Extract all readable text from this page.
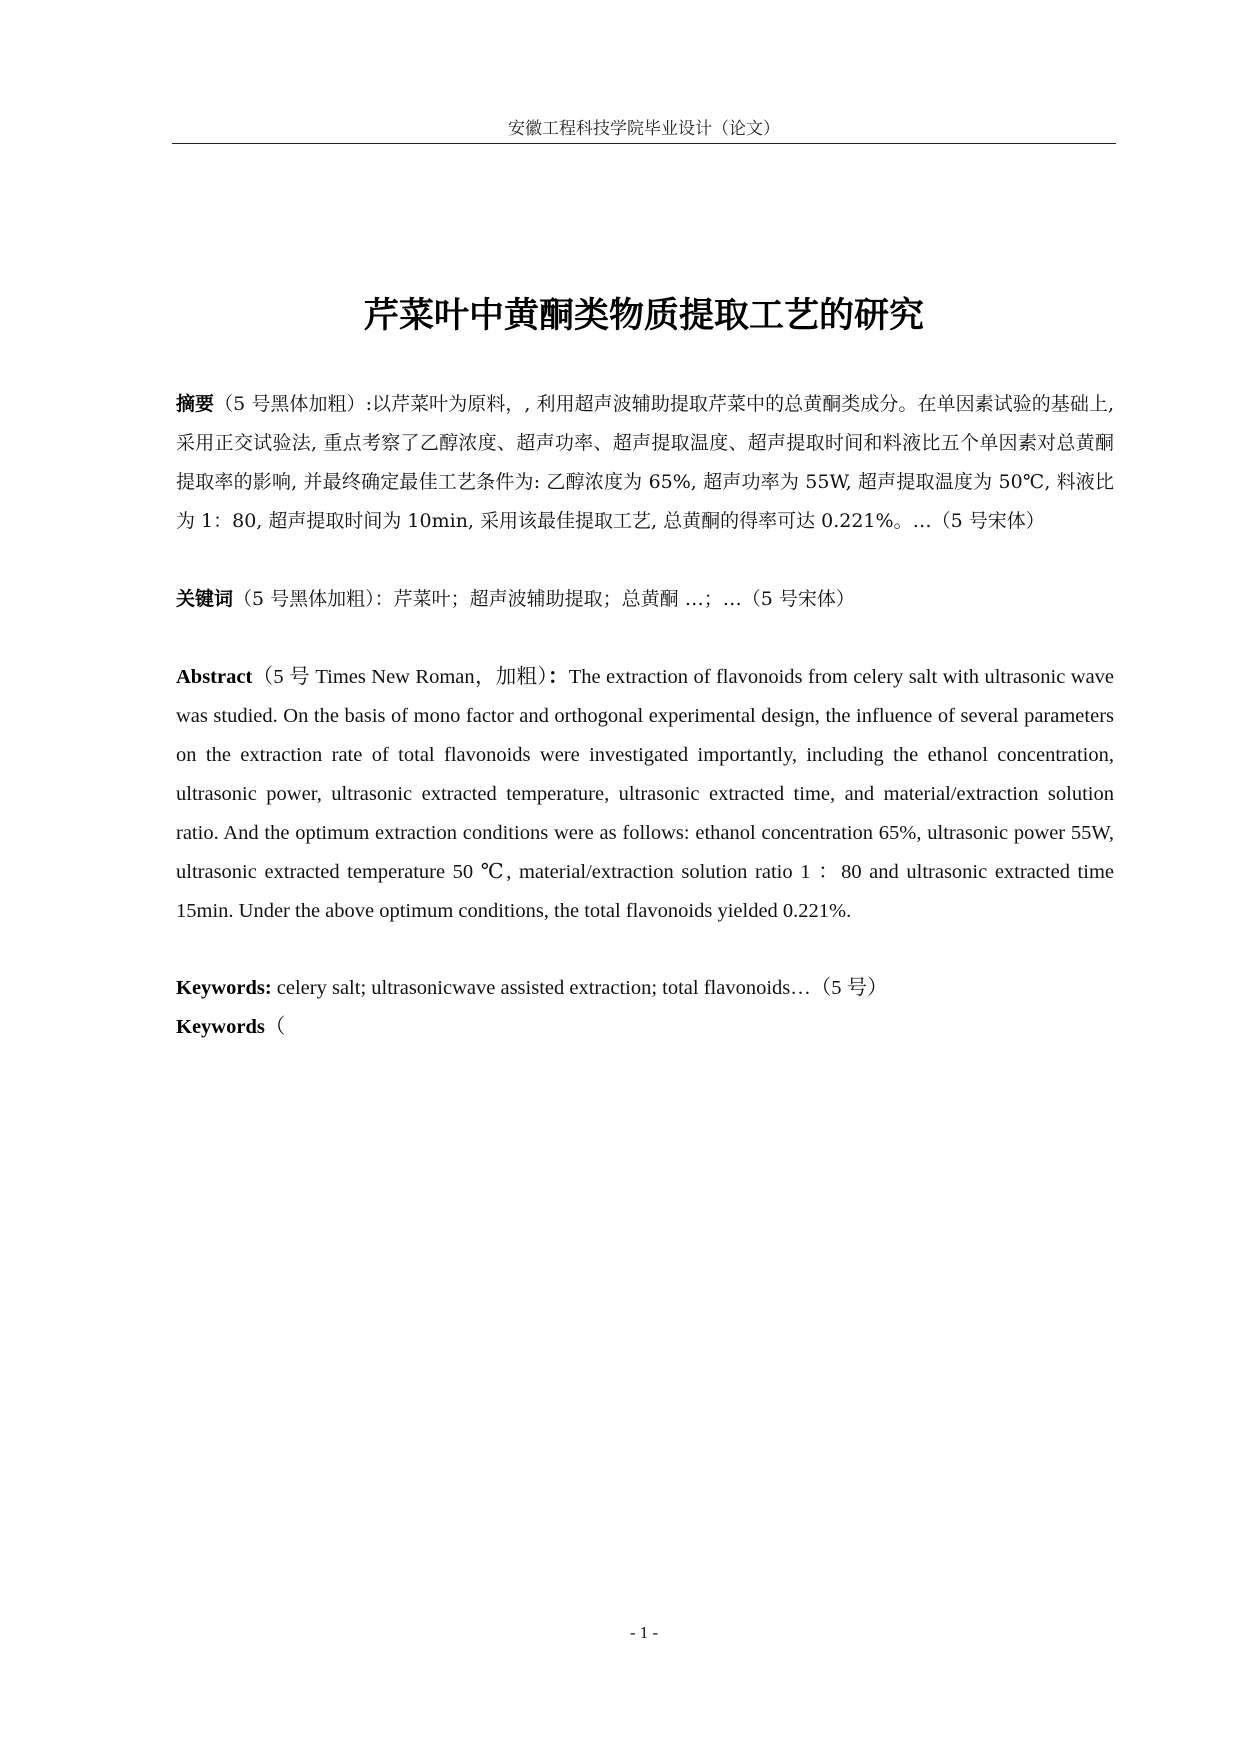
安徽工程科技学院毕业设计（论文）
芹菜叶中黄酮类物质提取工艺的研究
摘要（5 号黑体加粗）:以芹菜叶为原料，, 利用超声波辅助提取芹菜中的总黄酮类成分。在单因素试验的基础上, 采用正交试验法, 重点考察了乙醇浓度、超声功率、超声提取温度、超声提取时间和料液比五个单因素对总黄酮提取率的影响, 并最终确定最佳工艺条件为: 乙醇浓度为 65%, 超声功率为 55W, 超声提取温度为 50℃, 料液比为 1：80, 超声提取时间为 10min, 采用该最佳提取工艺, 总黄酮的得率可达 0.221%。…（5 号宋体）
关键词（5 号黑体加粗）：芹菜叶；超声波辅助提取；总黄酮 …；…（5 号宋体）
Abstract（5 号 Times New Roman，加粗）：The extraction of flavonoids from celery salt with ultrasonic wave was studied. On the basis of mono factor and orthogonal experimental design, the influence of several parameters on the extraction rate of total flavonoids were investigated importantly, including the ethanol concentration, ultrasonic power, ultrasonic extracted temperature, ultrasonic extracted time, and material/extraction solution ratio. And the optimum extraction conditions were as follows: ethanol concentration 65%, ultrasonic power 55W, ultrasonic extracted temperature 50 ℃, material/extraction solution ratio 1 ：80 and ultrasonic extracted time 15min. Under the above optimum conditions, the total flavonoids yielded 0.221%.
Keywords: celery salt; ultrasonicwave assisted extraction; total flavonoids…（5 号）
Keywords（
- 1 -
